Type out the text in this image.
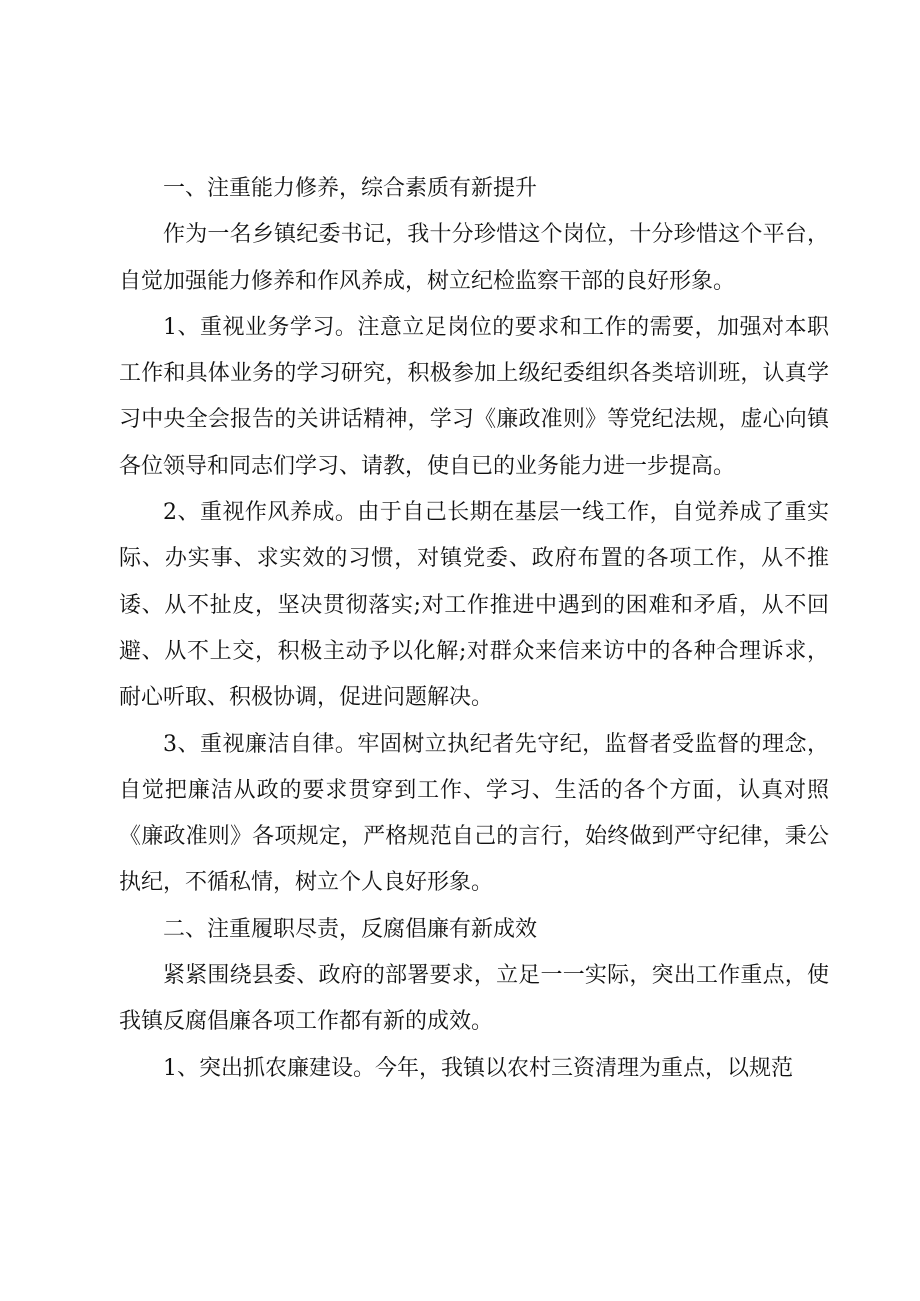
一、注重能力修养，综合素质有新提升

作为一名乡镇纪委书记，我十分珍惜这个岗位，十分珍惜这个平台，自觉加强能力修养和作风养成，树立纪检监察干部的良好形象。

1、重视业务学习。注意立足岗位的要求和工作的需要，加强对本职工作和具体业务的学习研究，积极参加上级纪委组织各类培训班，认真学习中央全会报告的关讲话精神，学习《廉政准则》等党纪法规，虚心向镇各位领导和同志们学习、请教，使自已的业务能力进一步提高。

2、重视作风养成。由于自己长期在基层一线工作，自觉养成了重实际、办实事、求实效的习惯，对镇党委、政府布置的各项工作，从不推诿、从不扯皮，坚决贯彻落实;对工作推进中遇到的困难和矛盾，从不回避、从不上交，积极主动予以化解;对群众来信来访中的各种合理诉求，耐心听取、积极协调，促进问题解决。

3、重视廉洁自律。牢固树立执纪者先守纪，监督者受监督的理念，自觉把廉洁从政的要求贯穿到工作、学习、生活的各个方面，认真对照《廉政准则》各项规定，严格规范自己的言行，始终做到严守纪律，秉公执纪，不循私情，树立个人良好形象。

二、注重履职尽责，反腐倡廉有新成效

紧紧围绕县委、政府的部署要求，立足一一实际，突出工作重点，使我镇反腐倡廉各项工作都有新的成效。

1、突出抓农廉建设。今年，我镇以农村三资清理为重点，以规范
